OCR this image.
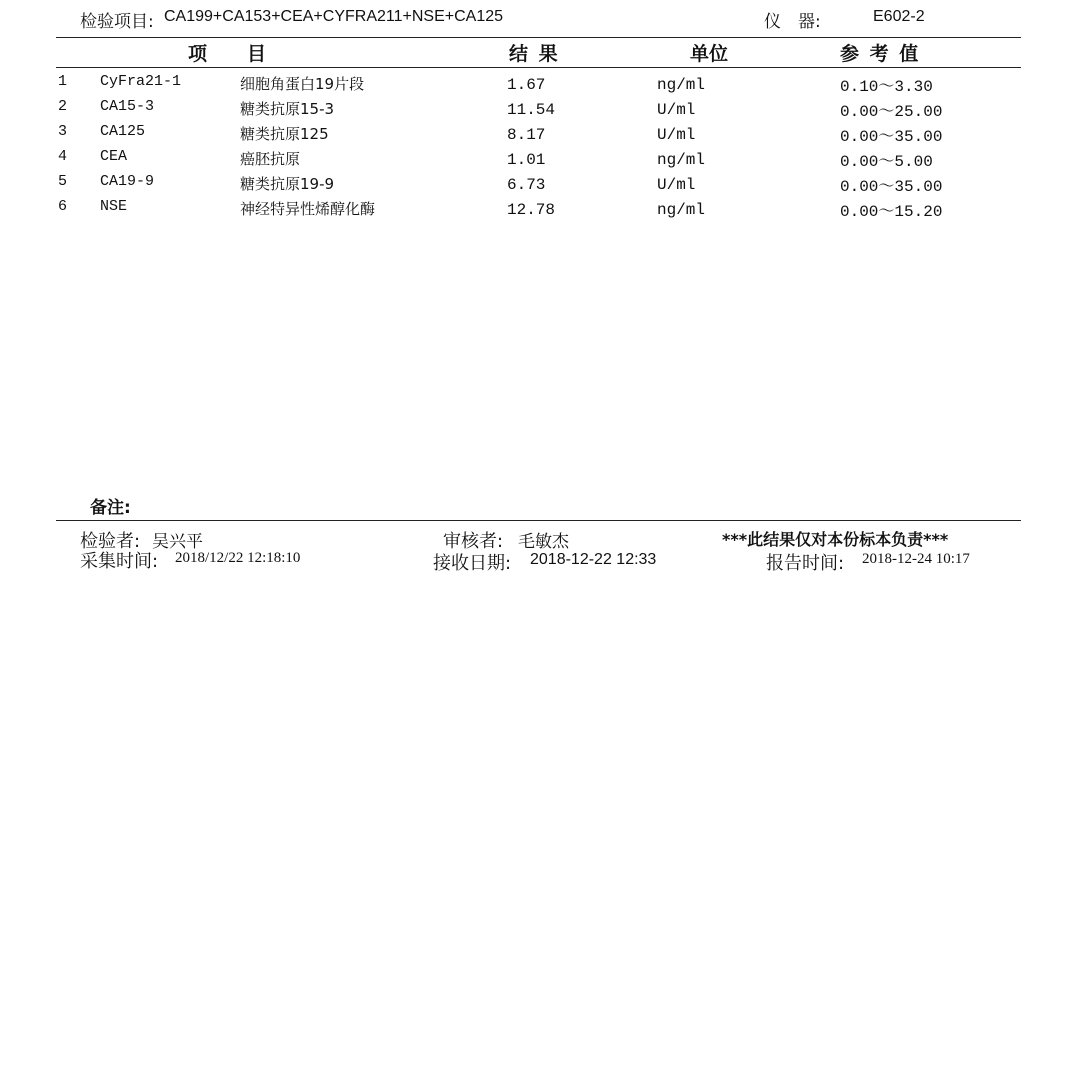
检验项目: CA199+CA153+CEA+CYFRA211+NSE+CA125	仪　器:	E602-2
项 目	结 果	单位	参 考 值
1 CyFra21-1	细胞角蛋白19片段	1.67	ng/ml	0.10～3.30
2 CA15-3	糖类抗原15-3	11.54	U/ml	0.00～25.00
3 CA125	糖类抗原125	8.17	U/ml	0.00～35.00
4 CEA	癌胚抗原	1.01	ng/ml	0.00～5.00
5 CA19-9	糖类抗原19-9	6.73	U/ml	0.00～35.00
6 NSE	神经特异性烯醇化酶	12.78	ng/ml	0.00～15.20
备注:
检验者: 吴兴平	审核者: 毛敏杰	***此结果仅对本份标本负责***
采集时间: 2018/12/22 12:18:10	接收日期: 2018-12-22 12:33	报告时间: 2018-12-24 10:17
